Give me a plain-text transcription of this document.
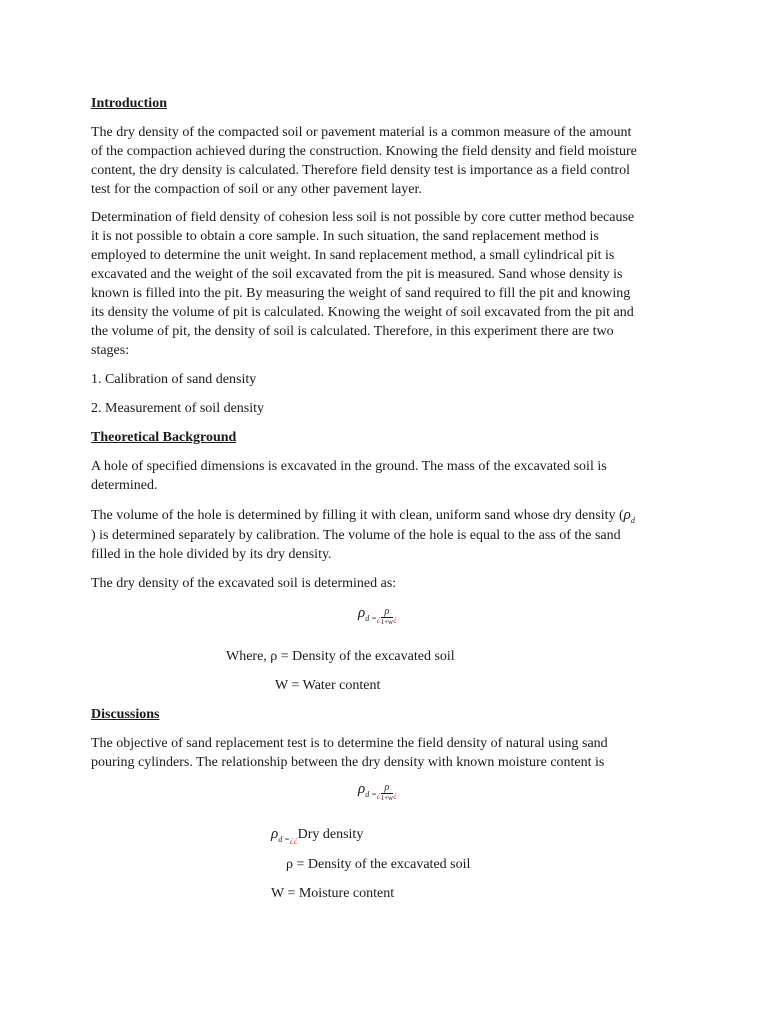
Introduction

The dry density of the compacted soil or pavement material is a common measure of the amount

of the compaction achieved during the construction. Knowing the field density and field moisture

content, the dry density is calculated. Therefore field density test is importance as a field control

test for the compaction of soil or any other pavement layer.

Determination of field density of cohesion less soil is not possible by core cutter method because

it is not possible to obtain a core sample. In such situation, the sand replacement method is

employed to determine the unit weight. In sand replacement method, a small cylindrical pit is

excavated and the weight of the soil excavated from the pit is measured. Sand whose density is

known is filled into the pit. By measuring the weight of sand required to fill the pit and knowing

its density the volume of pit is calculated. Knowing the weight of soil excavated from the pit and

the volume of pit, the density of soil is calculated. Therefore, in this experiment there are two

stages:

1. Calibration of sand density

2. Measurement of soil density

Theoretical Background

A hole of specified dimensions is excavated in the ground. The mass of the excavated soil is

determined.

The volume of the hole is determined by filling it with clean, uniform sand whose dry density ($\rho_d$

) is determined separately by calibration. The volume of the hole is equal to the ass of the sand

filled in the hole divided by its dry density.

The dry density of the excavated soil is determined as:

$\rho_{d =¿} \frac{\rho}{1+w} _¿$

Where, ρ = Density of the excavated soil

W = Water content

Discussions

The objective of sand replacement test is to determine the field density of natural using sand

pouring cylinders. The relationship between the dry density with known moisture content is

$\rho_{d =¿} \frac{\rho}{1+w} _¿$

$\rho_{d =¿¿}Dry$ density

ρ = Density of the excavated soil

W = Moisture content
